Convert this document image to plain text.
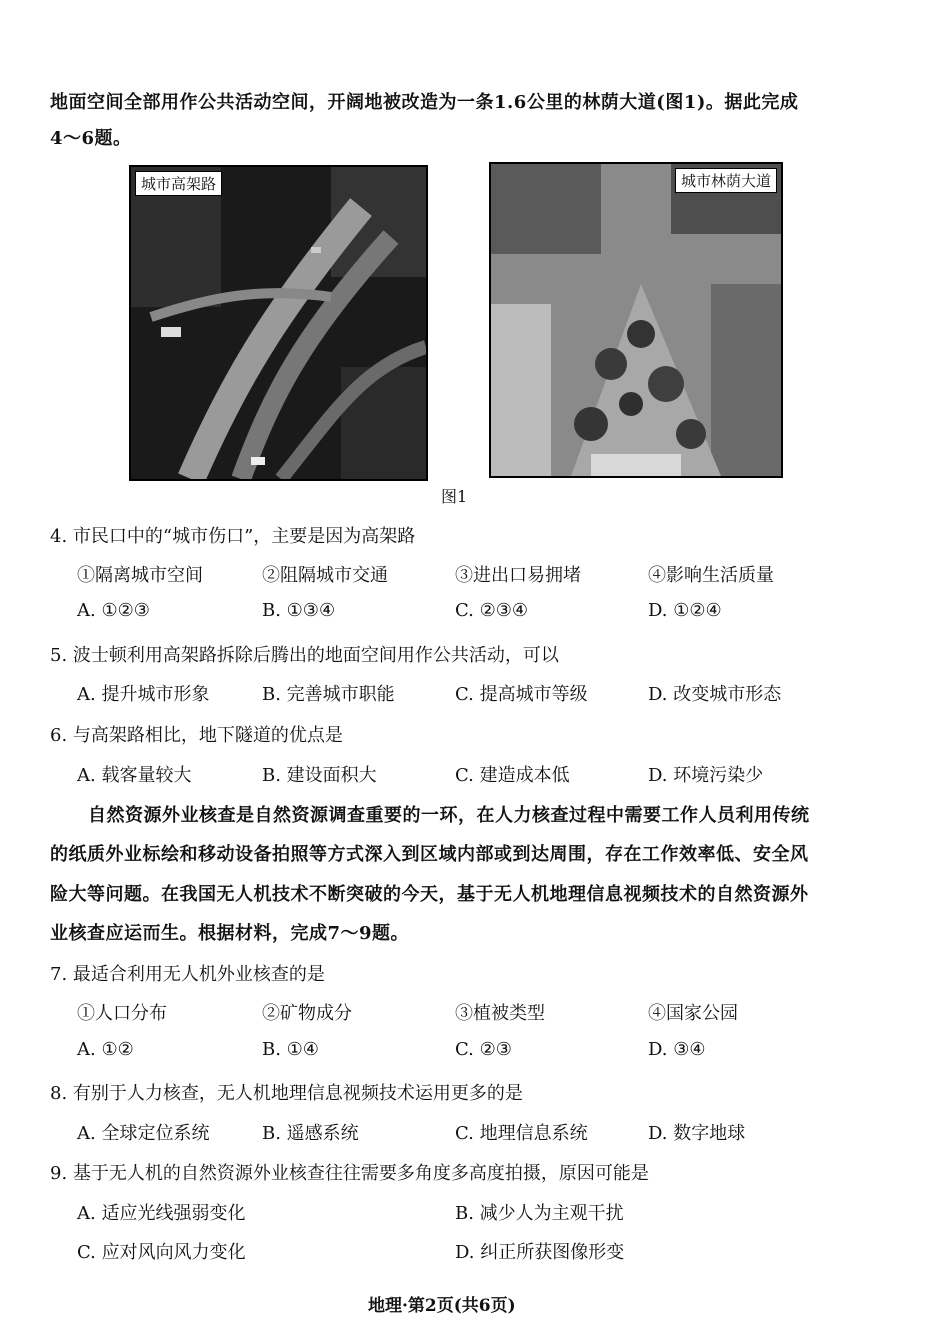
地面空间全部用作公共活动空间，开阔地被改造为一条1.6公里的林荫大道(图1)。据此完成
4～6题。
城市高架路	城市林荫大道
图1
4. 市民口中的“城市伤口”，主要是因为高架路
①隔离城市空间	②阻隔城市交通	③进出口易拥堵	④影响生活质量
A. ①②③	B. ①③④	C. ②③④	D. ①②④
5. 波士顿利用高架路拆除后腾出的地面空间用作公共活动，可以
A. 提升城市形象	B. 完善城市职能	C. 提高城市等级	D. 改变城市形态
6. 与高架路相比，地下隧道的优点是
A. 载客量较大	B. 建设面积大	C. 建造成本低	D. 环境污染少
自然资源外业核查是自然资源调查重要的一环，在人力核查过程中需要工作人员利用传统
的纸质外业标绘和移动设备拍照等方式深入到区域内部或到达周围，存在工作效率低、安全风
险大等问题。在我国无人机技术不断突破的今天，基于无人机地理信息视频技术的自然资源外
业核查应运而生。根据材料，完成7～9题。
7. 最适合利用无人机外业核查的是
①人口分布	②矿物成分	③植被类型	④国家公园
A. ①②	B. ①④	C. ②③	D. ③④
8. 有别于人力核查，无人机地理信息视频技术运用更多的是
A. 全球定位系统	B. 遥感系统	C. 地理信息系统	D. 数字地球
9. 基于无人机的自然资源外业核查往往需要多角度多高度拍摄，原因可能是
A. 适应光线强弱变化	B. 减少人为主观干扰
C. 应对风向风力变化	D. 纠正所获图像形变
地理·第2页(共6页)
